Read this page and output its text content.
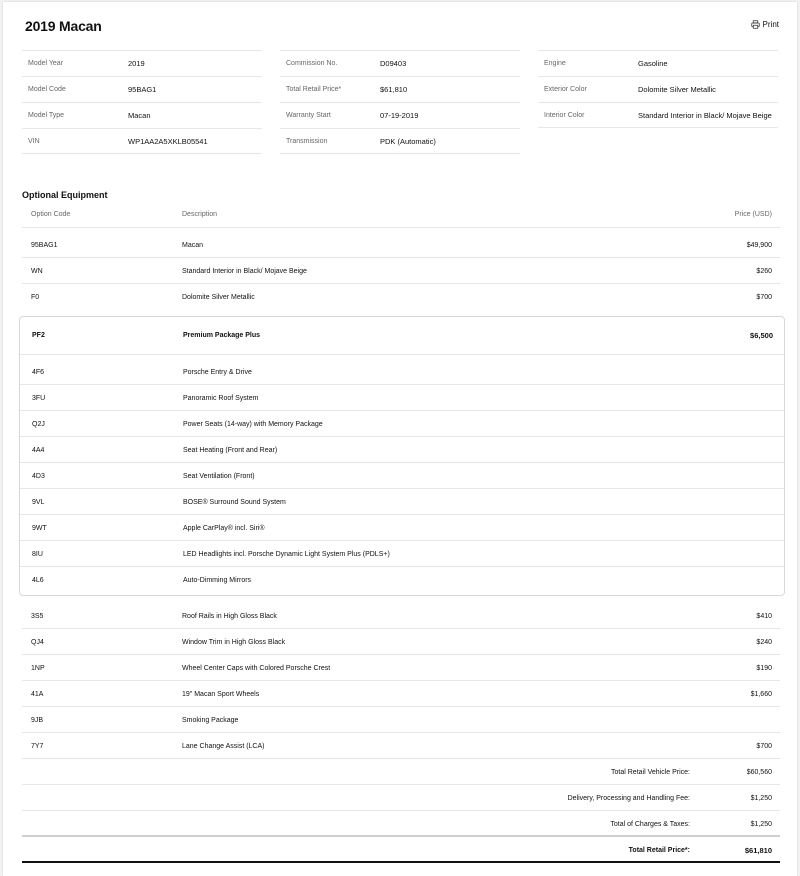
2019 Macan	Print
Model Year	2019
Model Code	95BAG1
Model Type	Macan
VIN	WP1AA2A5XKLB05541
Commission No.	D09403
Total Retail Price*	$61,810
Warranty Start	07-19-2019
Transmission	PDK (Automatic)
Engine	Gasoline
Exterior Color	Dolomite Silver Metallic
Interior Color	Standard Interior in Black/ Mojave Beige
Optional Equipment
Option Code	Description	Price (USD)
95BAG1	Macan	$49,900
WN	Standard Interior in Black/ Mojave Beige	$260
F0	Dolomite Silver Metallic	$700
PF2	Premium Package Plus	$6,500
4F6	Porsche Entry & Drive
3FU	Panoramic Roof System
Q2J	Power Seats (14-way) with Memory Package
4A4	Seat Heating (Front and Rear)
4D3	Seat Ventilation (Front)
9VL	BOSE® Surround Sound System
9WT	Apple CarPlay® incl. Siri®
8IU	LED Headlights incl. Porsche Dynamic Light System Plus (PDLS+)
4L6	Auto-Dimming Mirrors
3S5	Roof Rails in High Gloss Black	$410
QJ4	Window Trim in High Gloss Black	$240
1NP	Wheel Center Caps with Colored Porsche Crest	$190
41A	19" Macan Sport Wheels	$1,660
9JB	Smoking Package
7Y7	Lane Change Assist (LCA)	$700
Total Retail Vehicle Price:	$60,560
Delivery, Processing and Handling Fee:	$1,250
Total of Charges & Taxes:	$1,250
Total Retail Price*:	$61,810
